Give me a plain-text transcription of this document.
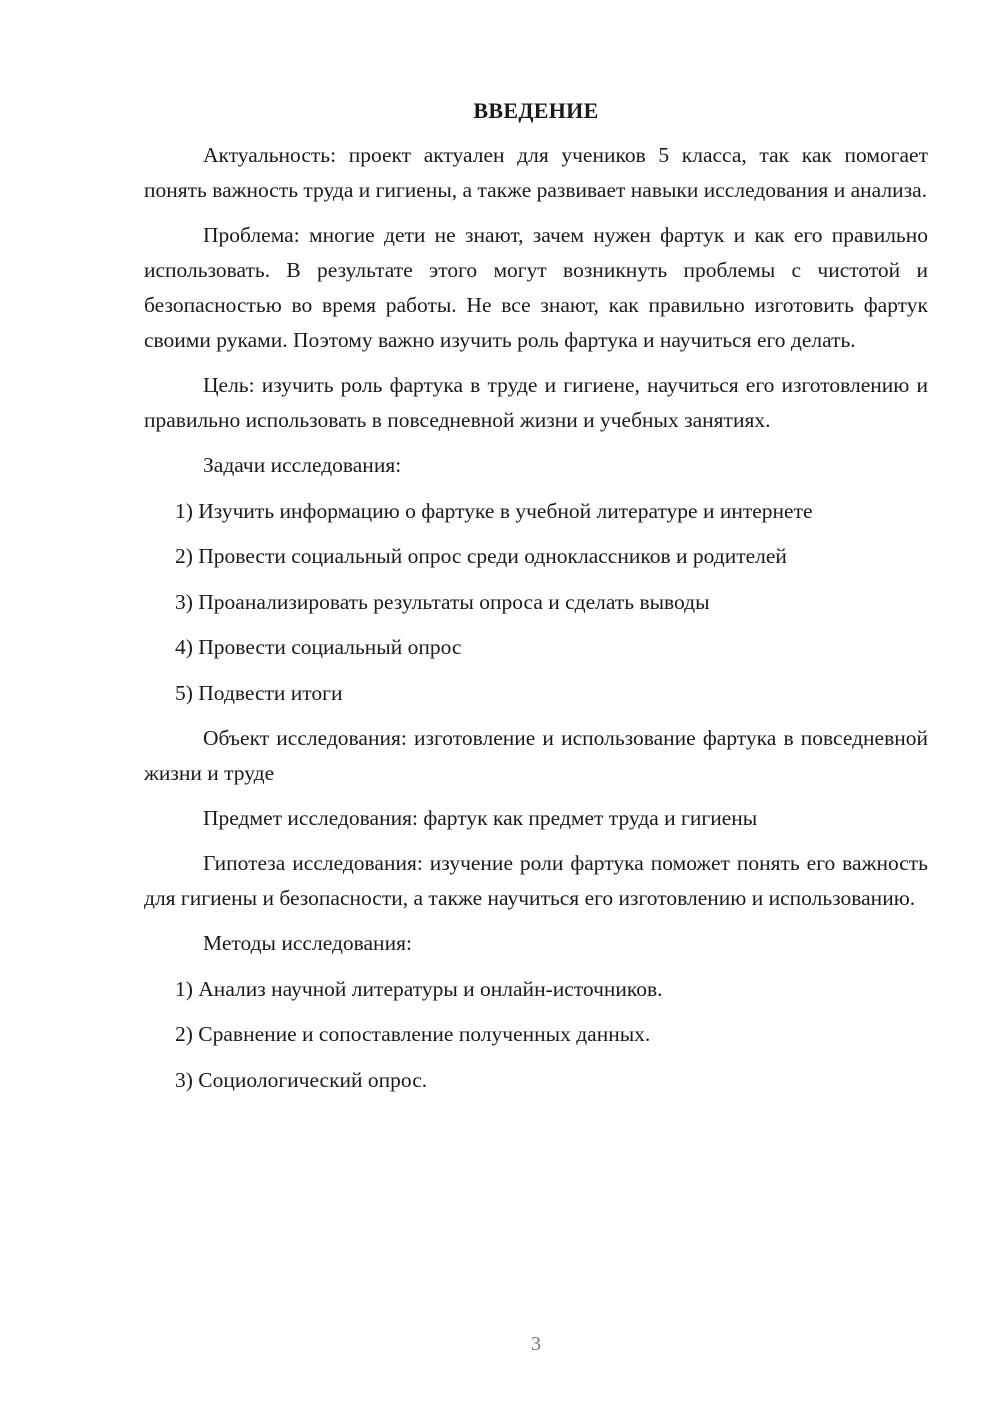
ВВЕДЕНИЕ

Актуальность: проект актуален для учеников 5 класса, так как помогает понять важность труда и гигиены, а также развивает навыки исследования и анализа.

Проблема: многие дети не знают, зачем нужен фартук и как его правильно использовать. В результате этого могут возникнуть проблемы с чистотой и безопасностью во время работы. Не все знают, как правильно изготовить фартук своими руками. Поэтому важно изучить роль фартука и научиться его делать.

Цель: изучить роль фартука в труде и гигиене, научиться его изготовлению и правильно использовать в повседневной жизни и учебных занятиях.

Задачи исследования:
1) Изучить информацию о фартуке в учебной литературе и интернете
2) Провести социальный опрос среди одноклассников и родителей
3) Проанализировать результаты опроса и сделать выводы
4) Провести социальный опрос
5) Подвести итоги

Объект исследования: изготовление и использование фартука в повседневной жизни и труде

Предмет исследования: фартук как предмет труда и гигиены

Гипотеза исследования: изучение роли фартука поможет понять его важность для гигиены и безопасности, а также научиться его изготовлению и использованию.

Методы исследования:
1) Анализ научной литературы и онлайн-источников.
2) Сравнение и сопоставление полученных данных.
3) Социологический опрос.
3
